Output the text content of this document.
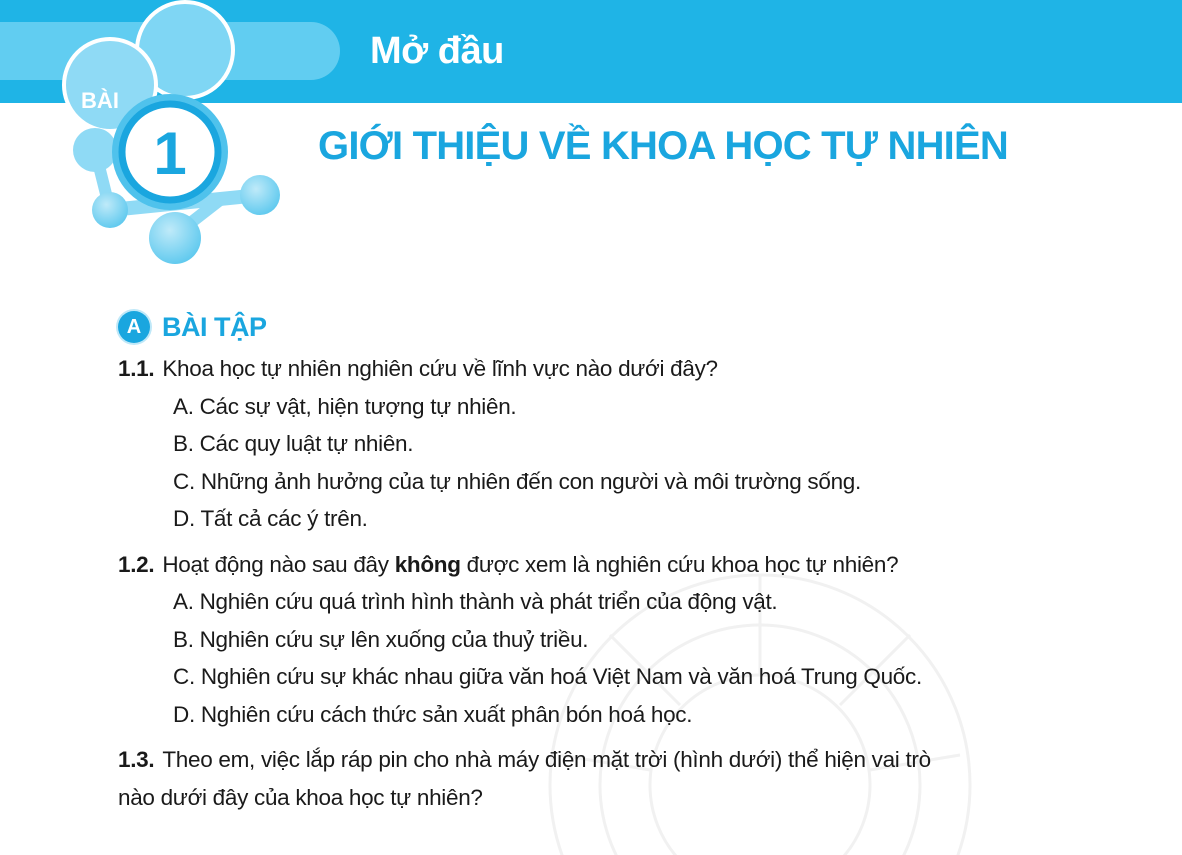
Mở đầu
BÀI
1	GIỚI THIỆU VỀ KHOA HỌC TỰ NHIÊN
A BÀI TẬP
1.1. Khoa học tự nhiên nghiên cứu về lĩnh vực nào dưới đây?
A. Các sự vật, hiện tượng tự nhiên.
B. Các quy luật tự nhiên.
C. Những ảnh hưởng của tự nhiên đến con người và môi trường sống.
D. Tất cả các ý trên.
1.2. Hoạt động nào sau đây không được xem là nghiên cứu khoa học tự nhiên?
A. Nghiên cứu quá trình hình thành và phát triển của động vật.
B. Nghiên cứu sự lên xuống của thuỷ triều.
C. Nghiên cứu sự khác nhau giữa văn hoá Việt Nam và văn hoá Trung Quốc.
D. Nghiên cứu cách thức sản xuất phân bón hoá học.
1.3. Theo em, việc lắp ráp pin cho nhà máy điện mặt trời (hình dưới) thể hiện vai trò
nào dưới đây của khoa học tự nhiên?
